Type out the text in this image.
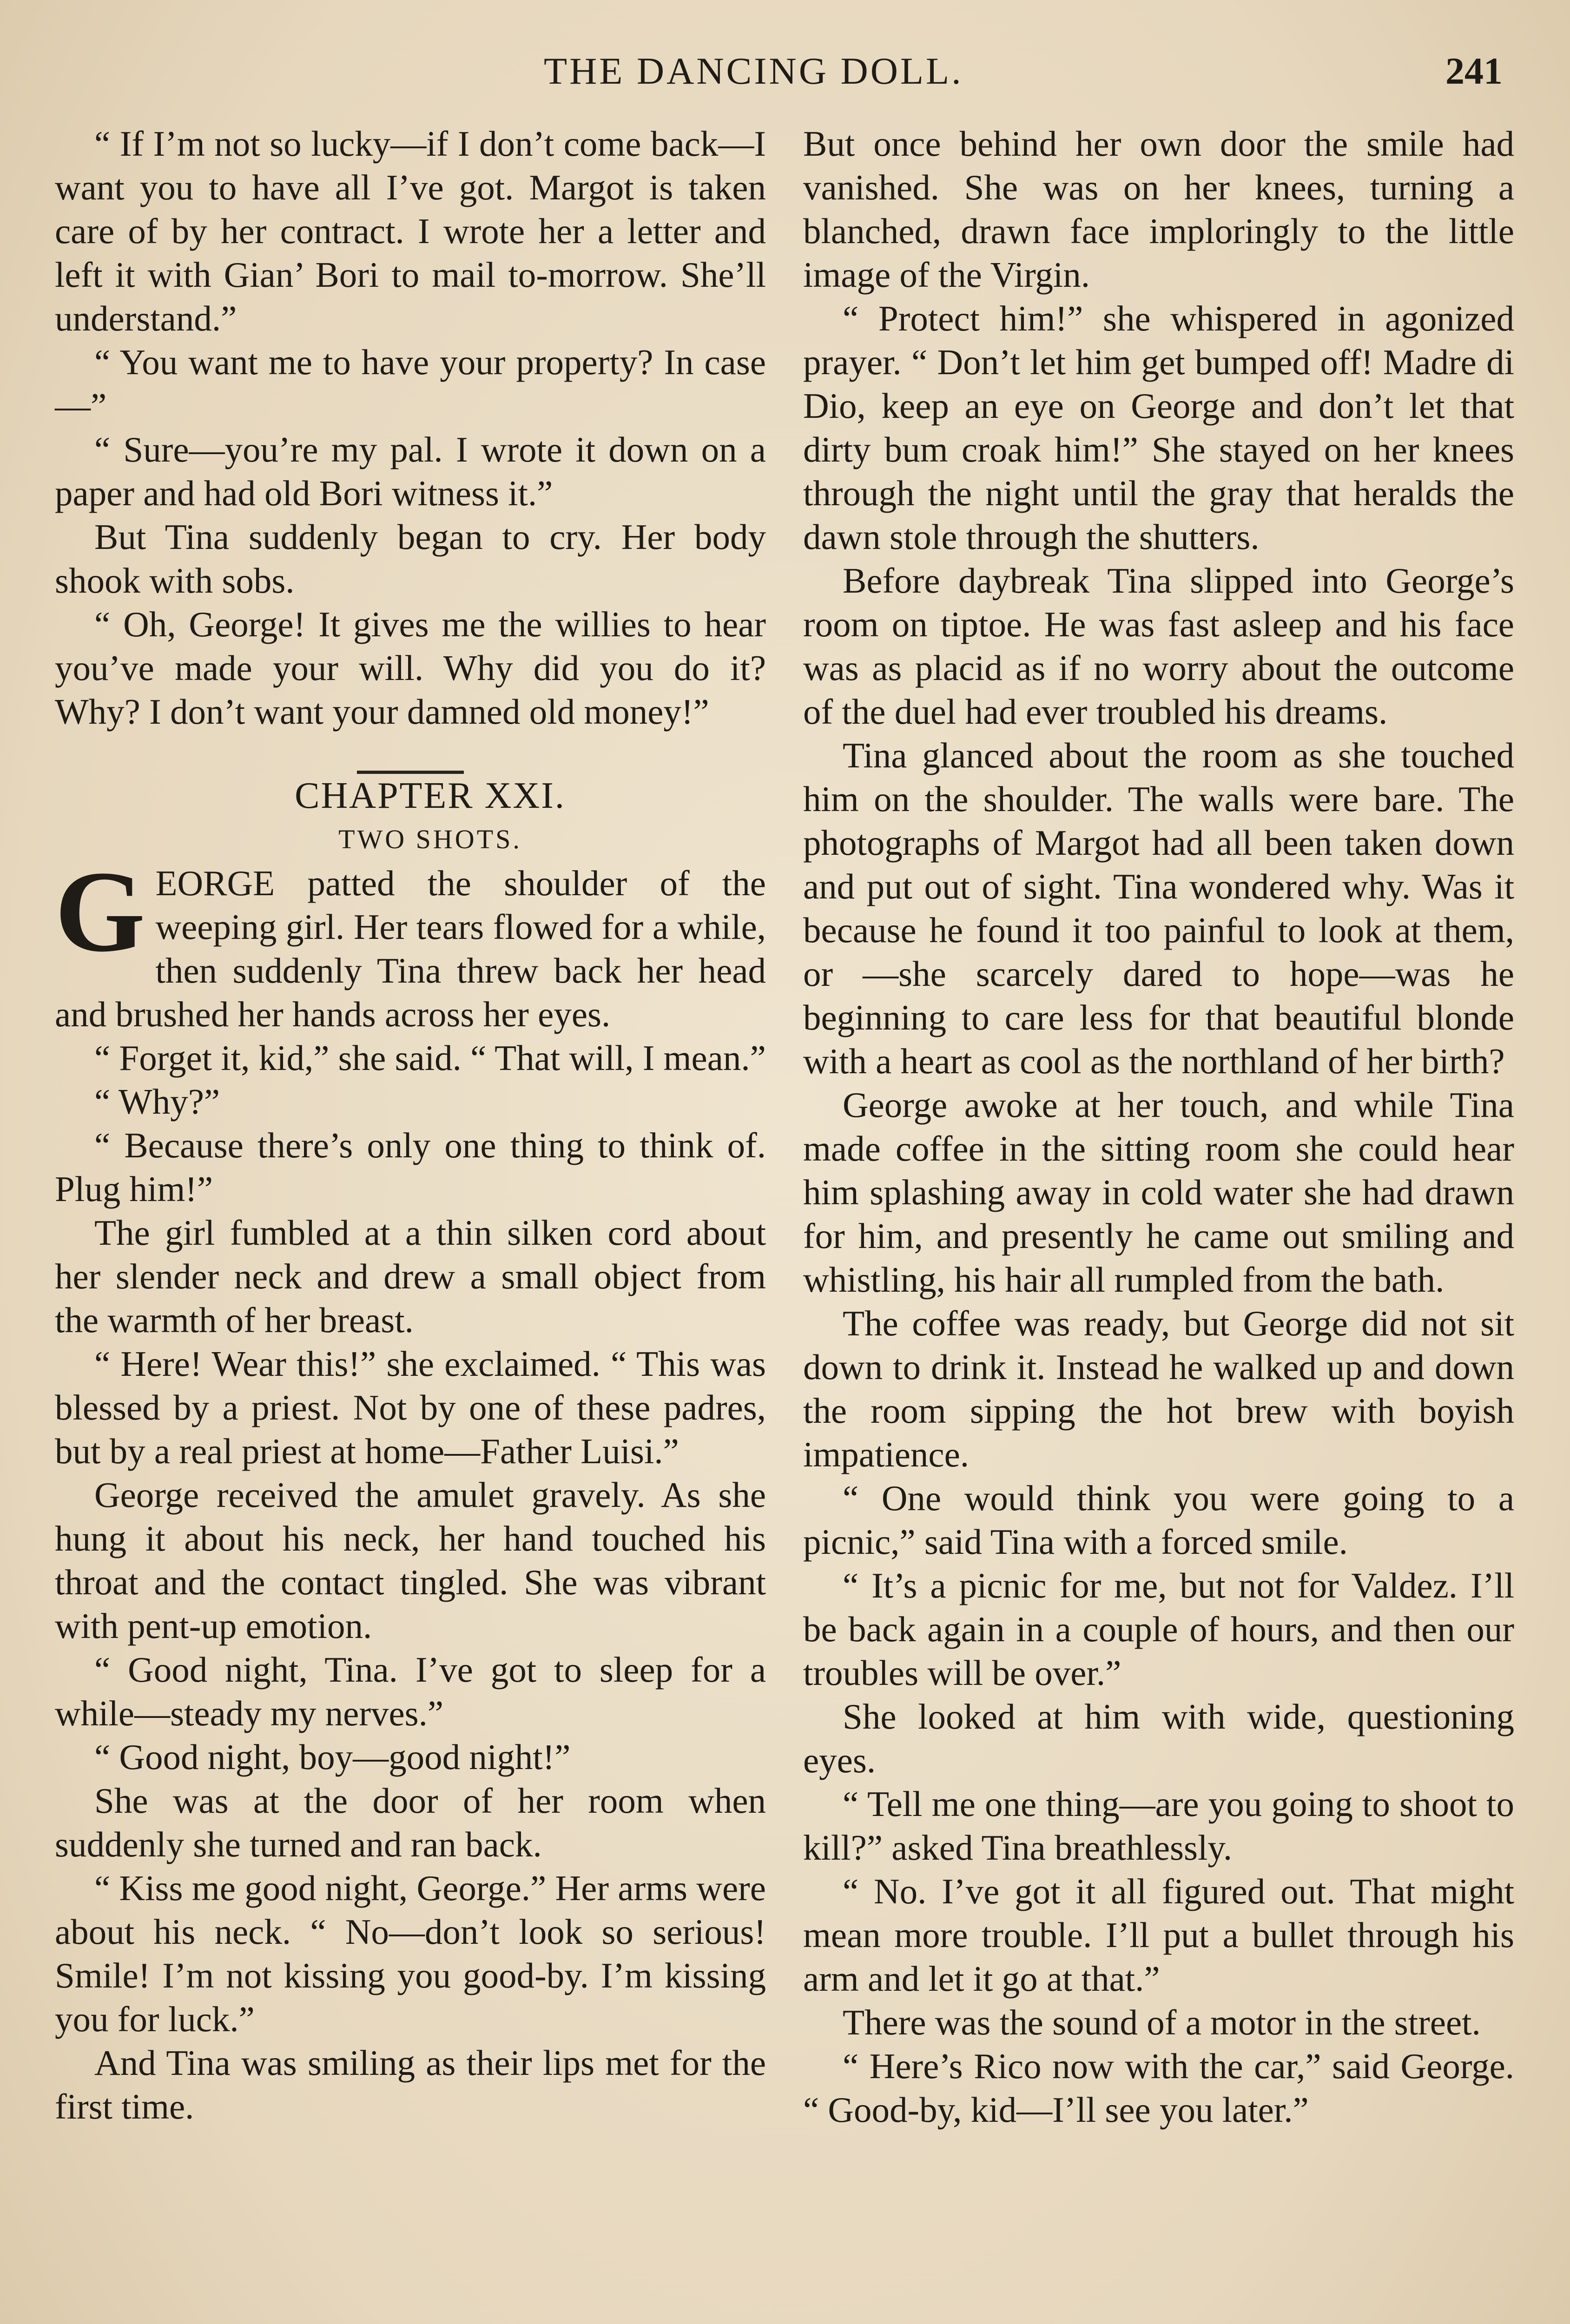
THE DANCING DOLL.	241

“ If I’m not so lucky—if I don’t come back—I want you to have all I’ve got. Margot is taken care of by her contract. I wrote her a letter and left it with Gian’ Bori to mail to-morrow. She’ll understand.”

“ You want me to have your property? In case—”

“ Sure—you’re my pal. I wrote it down on a paper and had old Bori witness it.”

But Tina suddenly began to cry. Her body shook with sobs.

“ Oh, George! It gives me the willies to hear you’ve made your will. Why did you do it? Why? I don’t want your damned old money!”

CHAPTER XXI.

TWO SHOTS.

GEORGE patted the shoulder of the weeping girl. Her tears flowed for a while, then suddenly Tina threw back her head and brushed her hands across her eyes.

“ Forget it, kid,” she said. “ That will, I mean.”

“ Why?”

“ Because there’s only one thing to think of. Plug him!”

The girl fumbled at a thin silken cord about her slender neck and drew a small object from the warmth of her breast.

“ Here! Wear this!” she exclaimed. “ This was blessed by a priest. Not by one of these padres, but by a real priest at home—Father Luisi.”

George received the amulet gravely. As she hung it about his neck, her hand touched his throat and the contact tingled. She was vibrant with pent-up emotion.

“ Good night, Tina. I’ve got to sleep for a while—steady my nerves.”

“ Good night, boy—good night!”

She was at the door of her room when suddenly she turned and ran back.

“ Kiss me good night, George.” Her arms were about his neck. “ No—don’t look so serious! Smile! I’m not kissing you good-by. I’m kissing you for luck.”

And Tina was smiling as their lips met for the first time.

But once behind her own door the smile had vanished. She was on her knees, turning a blanched, drawn face imploringly to the little image of the Virgin.

“ Protect him!” she whispered in agonized prayer. “ Don’t let him get bumped off! Madre di Dio, keep an eye on George and don’t let that dirty bum croak him!” She stayed on her knees through the night until the gray that heralds the dawn stole through the shutters.

Before daybreak Tina slipped into George’s room on tiptoe. He was fast asleep and his face was as placid as if no worry about the outcome of the duel had ever troubled his dreams.

Tina glanced about the room as she touched him on the shoulder. The walls were bare. The photographs of Margot had all been taken down and put out of sight. Tina wondered why. Was it because he found it too painful to look at them, or —she scarcely dared to hope—was he beginning to care less for that beautiful blonde with a heart as cool as the northland of her birth?

George awoke at her touch, and while Tina made coffee in the sitting room she could hear him splashing away in cold water she had drawn for him, and presently he came out smiling and whistling, his hair all rumpled from the bath.

The coffee was ready, but George did not sit down to drink it. Instead he walked up and down the room sipping the hot brew with boyish impatience.

“ One would think you were going to a picnic,” said Tina with a forced smile.

“ It’s a picnic for me, but not for Valdez. I’ll be back again in a couple of hours, and then our troubles will be over.”

She looked at him with wide, questioning eyes.

“ Tell me one thing—are you going to shoot to kill?” asked Tina breathlessly.

“ No. I’ve got it all figured out. That might mean more trouble. I’ll put a bullet through his arm and let it go at that.”

There was the sound of a motor in the street.

“ Here’s Rico now with the car,” said George. “ Good-by, kid—I’ll see you later.”
